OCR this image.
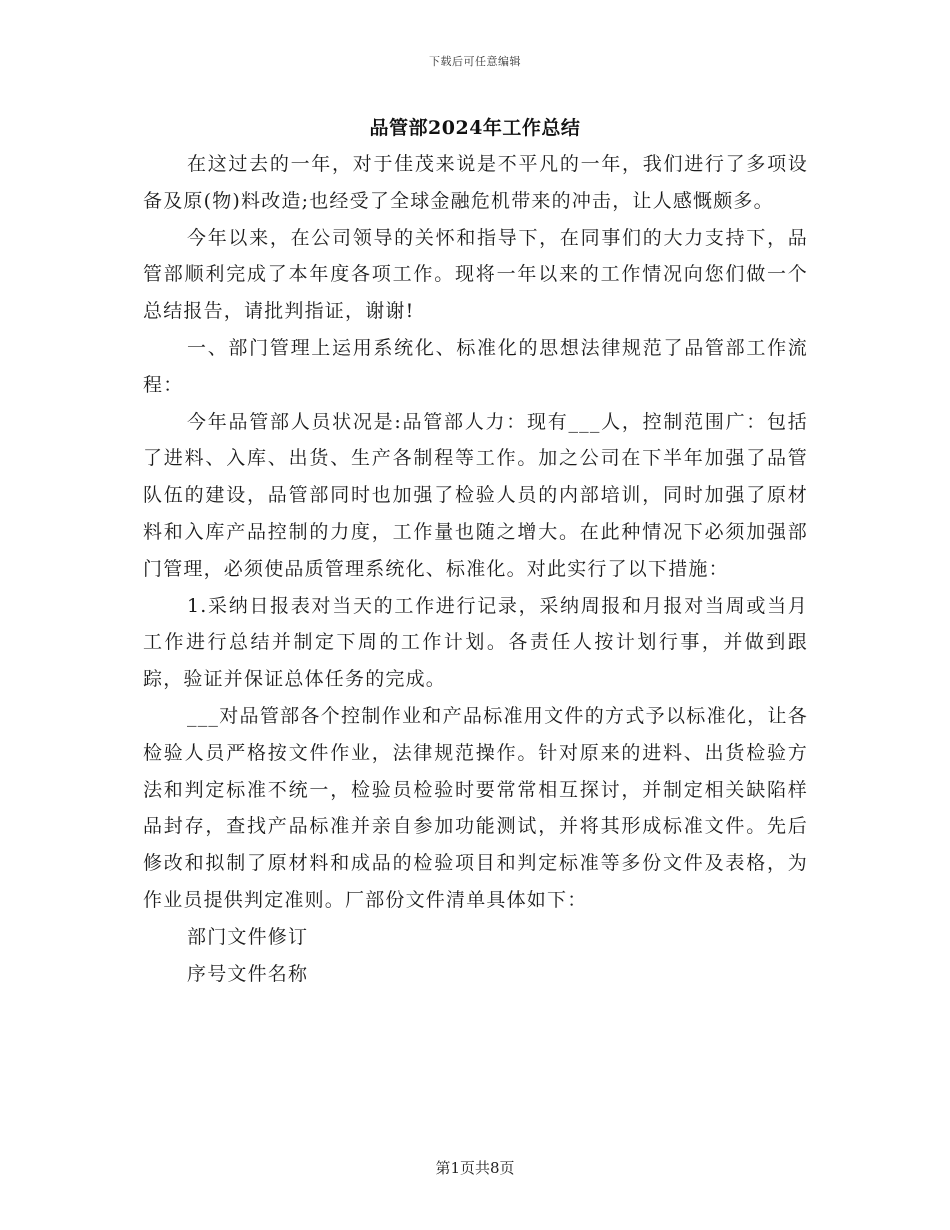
下载后可任意编辑
品管部2024年工作总结

在这过去的一年，对于佳茂来说是不平凡的一年，我们进行了多项设备及原(物)料改造;也经受了全球金融危机带来的冲击，让人感慨颇多。

今年以来，在公司领导的关怀和指导下，在同事们的大力支持下，品管部顺利完成了本年度各项工作。现将一年以来的工作情况向您们做一个总结报告，请批判指证，谢谢!

一、部门管理上运用系统化、标准化的思想法律规范了品管部工作流程：

今年品管部人员状况是:品管部人力：现有___人，控制范围广：包括了进料、入库、出货、生产各制程等工作。加之公司在下半年加强了品管队伍的建设，品管部同时也加强了检验人员的内部培训，同时加强了原材料和入库产品控制的力度，工作量也随之增大。在此种情况下必须加强部门管理，必须使品质管理系统化、标准化。对此实行了以下措施：

1.采纳日报表对当天的工作进行记录，采纳周报和月报对当周或当月工作进行总结并制定下周的工作计划。各责任人按计划行事，并做到跟踪，验证并保证总体任务的完成。

___对品管部各个控制作业和产品标准用文件的方式予以标准化，让各检验人员严格按文件作业，法律规范操作。针对原来的进料、出货检验方法和判定标准不统一，检验员检验时要常常相互探讨，并制定相关缺陷样品封存，查找产品标准并亲自参加功能测试，并将其形成标准文件。先后修改和拟制了原材料和成品的检验项目和判定标准等多份文件及表格，为作业员提供判定准则。厂部份文件清单具体如下：

部门文件修订

序号文件名称

第1页共8页
